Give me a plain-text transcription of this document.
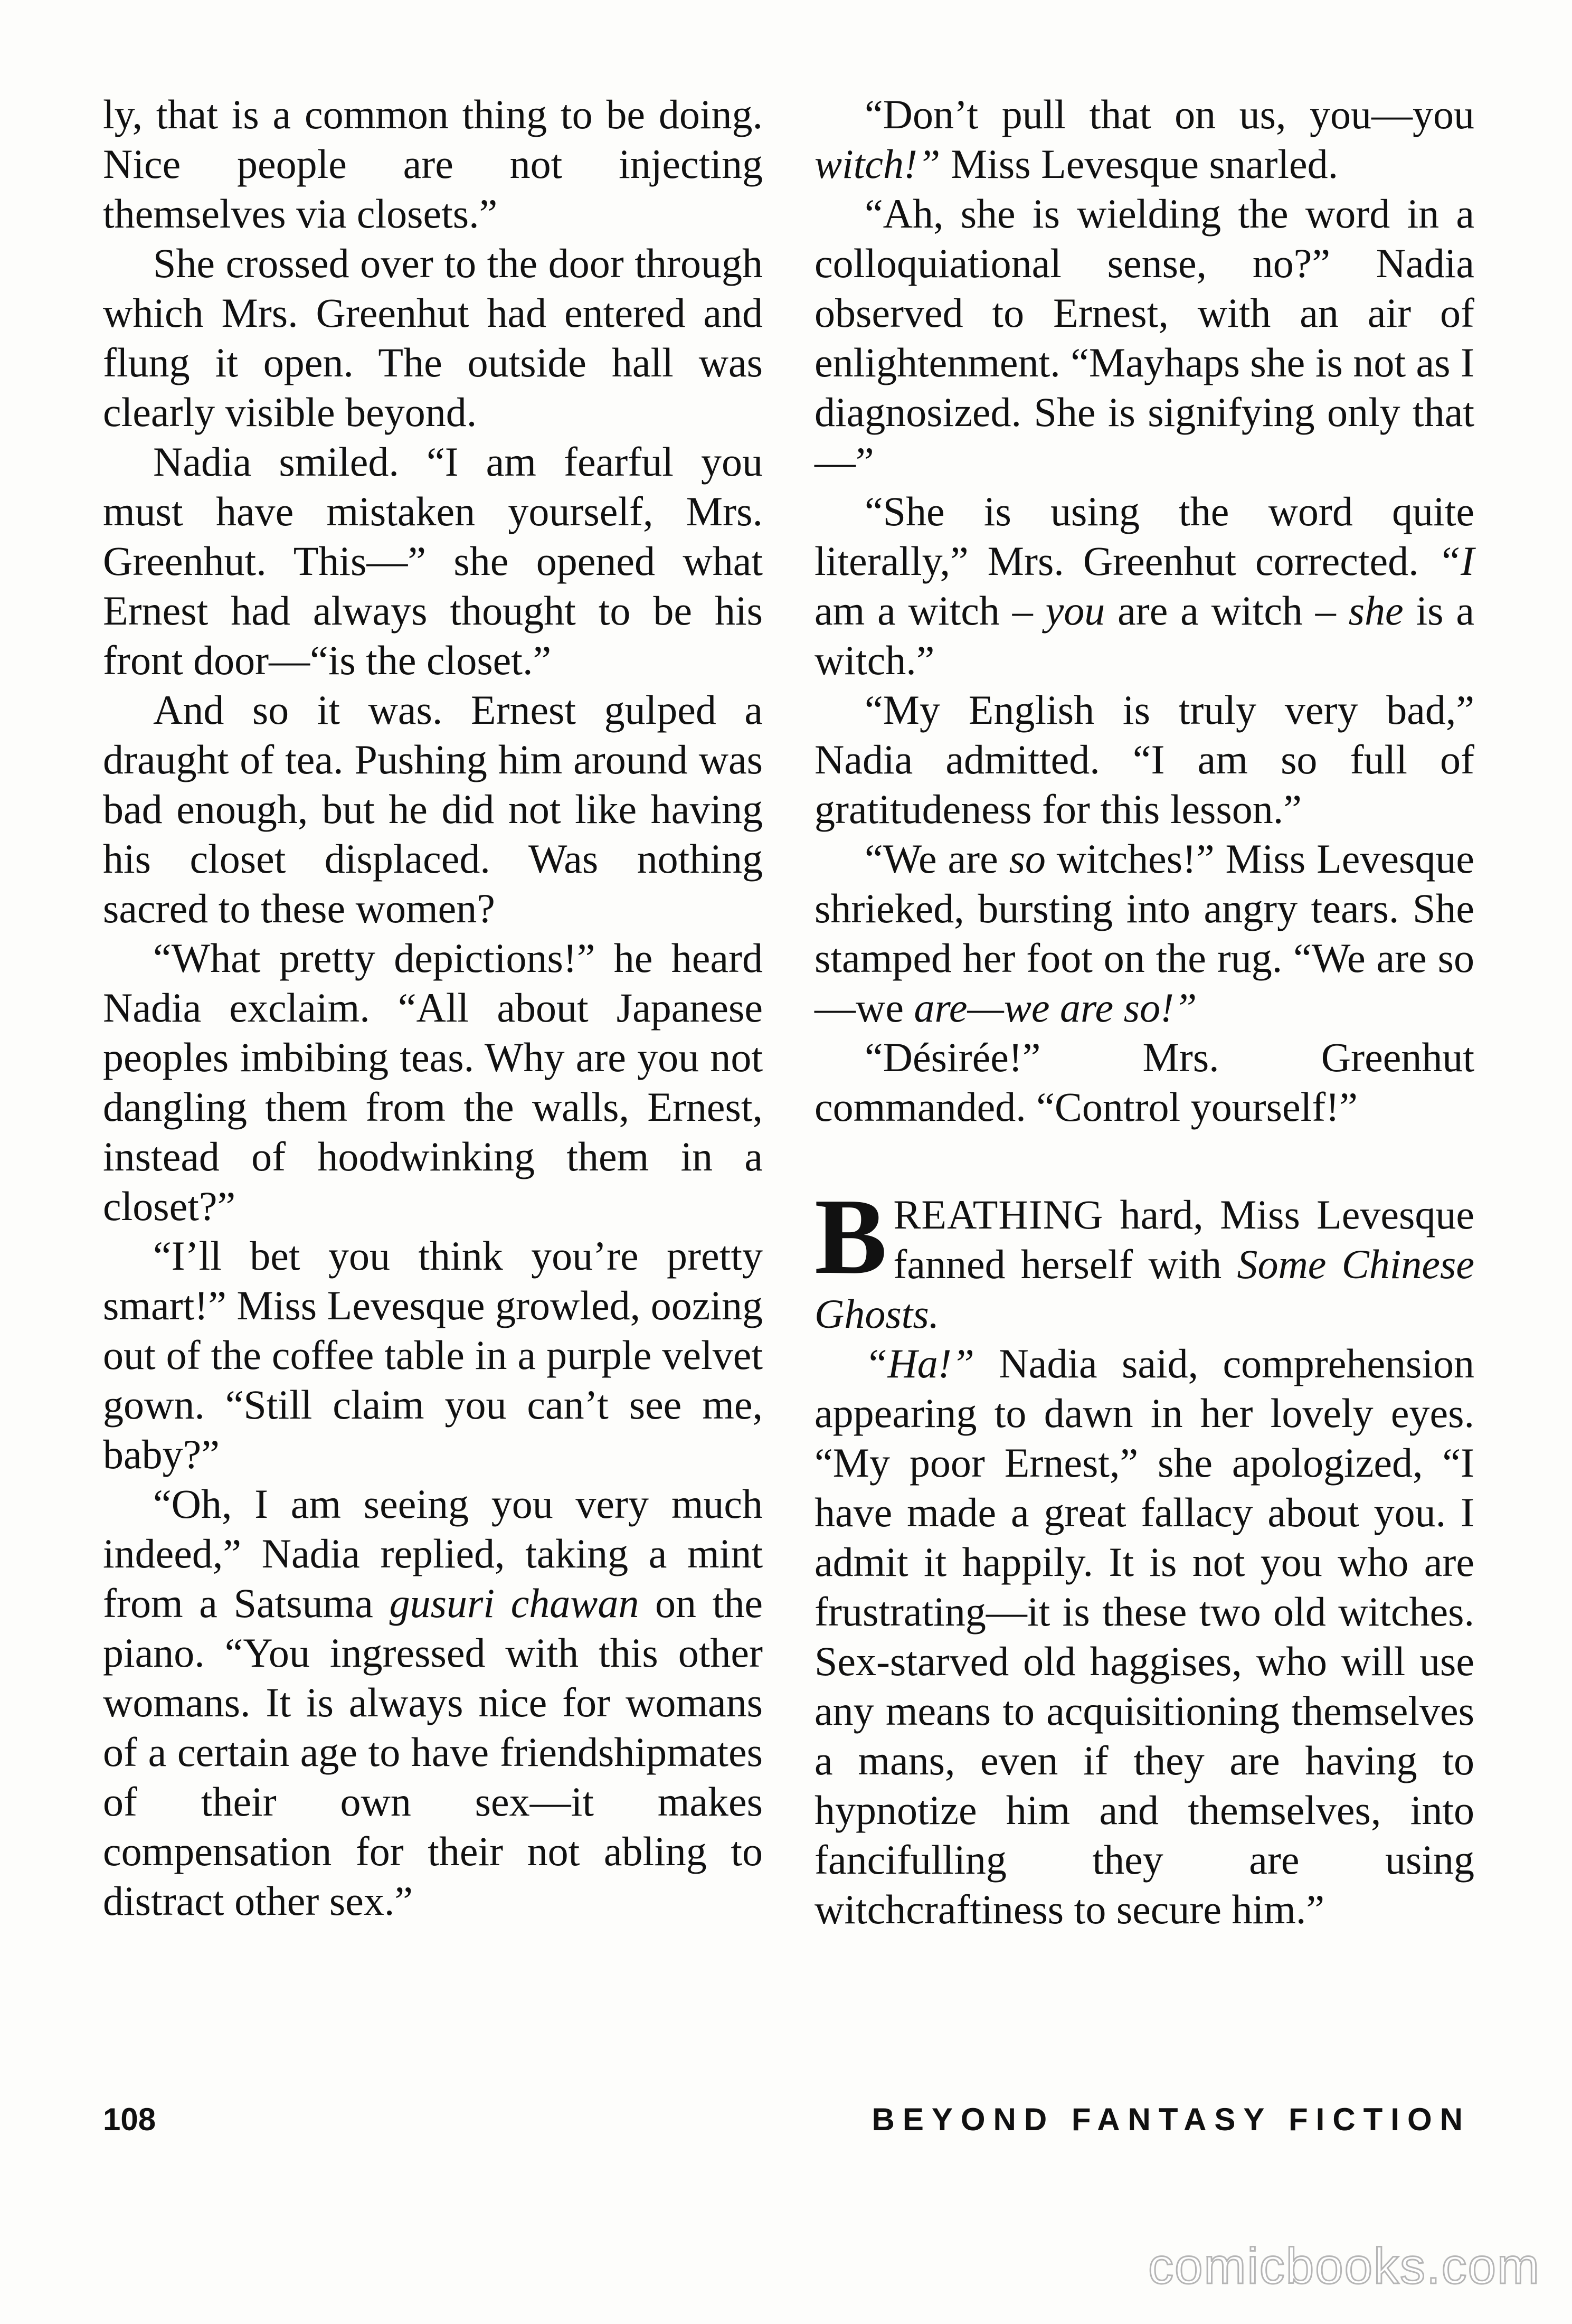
ly, that is a common thing to be doing. Nice people are not injecting themselves via closets.”

She crossed over to the door through which Mrs. Greenhut had entered and flung it open. The outside hall was clearly visible beyond.

Nadia smiled. “I am fearful you must have mistaken yourself, Mrs. Greenhut. This—” she opened what Ernest had always thought to be his front door—“is the closet.”

And so it was. Ernest gulped a draught of tea. Pushing him around was bad enough, but he did not like having his closet displaced. Was nothing sacred to these women?

“What pretty depictions!” he heard Nadia exclaim. “All about Japanese peoples imbibing teas. Why are you not dangling them from the walls, Ernest, instead of hoodwinking them in a closet?”

“I’ll bet you think you’re pretty smart!” Miss Levesque growled, oozing out of the coffee table in a purple velvet gown. “Still claim you can’t see me, baby?”

“Oh, I am seeing you very much indeed,” Nadia replied, taking a mint from a Satsuma gusuri chawan on the piano. “You ingressed with this other womans. It is always nice for womans of a certain age to have friendshipmates of their own sex—it makes compensation for their not abling to distract other sex.”

“Don’t pull that on us, you—you witch!” Miss Levesque snarled.

“Ah, she is wielding the word in a colloquiational sense, no?” Nadia observed to Ernest, with an air of enlightenment. “Mayhaps she is not as I diagnosized. She is signifying only that—”

“She is using the word quite literally,” Mrs. Greenhut corrected. “I am a witch – you are a witch – she is a witch.”

“My English is truly very bad,” Nadia admitted. “I am so full of gratitudeness for this lesson.”

“We are so witches!” Miss Levesque shrieked, bursting into angry tears. She stamped her foot on the rug. “We are so—we are—we are so!”

“Désirée!” Mrs. Greenhut commanded. “Control yourself!”

BREATHING hard, Miss Levesque fanned herself with Some Chinese Ghosts.

“Ha!” Nadia said, comprehension appearing to dawn in her lovely eyes. “My poor Ernest,” she apologized, “I have made a great fallacy about you. I admit it happily. It is not you who are frustrating—it is these two old witches. Sex-starved old haggises, who will use any means to acquisitioning themselves a mans, even if they are having to hypnotize him and themselves, into fancifulling they are using witchcraftiness to secure him.”

108	BEYOND FANTASY FICTION
comicbooks.com
